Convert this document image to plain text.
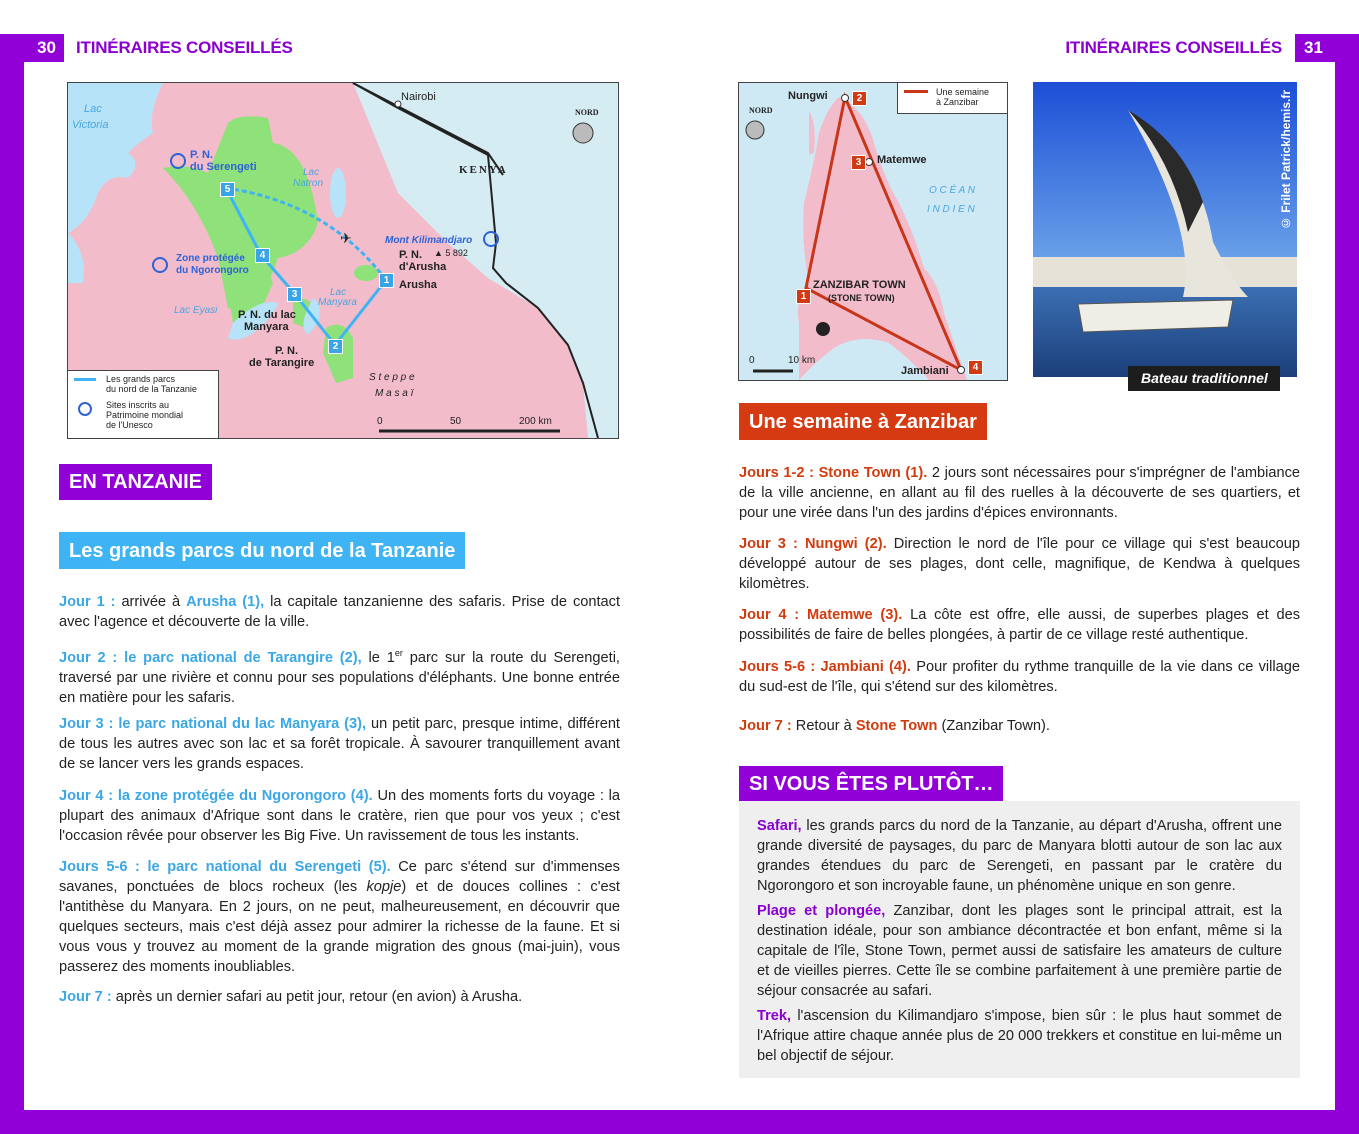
30	31
ITINÉRAIRES CONSEILLÉS	ITINÉRAIRES CONSEILLÉS
✈
Lac
Victoria
Nairobi
NORD
KENYA
P. N.
du Serengeti	Lac
Natron
Mont Kilimandjaro
P. N. ▲ 5 892
d'Arusha
Arusha
Zone protégée
du Ngorongoro
Lac
Manyara
Lac Eyasi P. N. du lac
Manyara
P. N.
de Tarangire
S t e p p e
M a s a ï
5
4
3
2
1
Les grands parcs
du nord de la Tanzanie
Sites inscrits au
Patrimoine mondial
de l'Unesco	0	50	200 km
Nungwi	2
Matemwe
3
NORD
O C É A N
I N D I E N
ZANZIBAR TOWN
(STONE TOWN)
1
Jambiani	4
0	10 km
Une semaine
à Zanzibar	© Frilet Patrick/hemis.fr
Bateau traditionnel
EN TANZANIE
Les grands parcs du nord de la Tanzanie
Jour 1 : arrivée à Arusha (1), la capitale tanzanienne des safaris. Prise de contact avec l'agence et découverte de la ville.
Jour 2 : le parc national de Tarangire (2), le 1er parc sur la route du Serengeti, traversé par une rivière et connu pour ses populations d'éléphants. Une bonne entrée en matière pour les safaris.
Jour 3 : le parc national du lac Manyara (3), un petit parc, presque intime, différent de tous les autres avec son lac et sa forêt tropicale. À savourer tranquillement avant de se lancer vers les grands espaces.
Jour 4 : la zone protégée du Ngorongoro (4). Un des moments forts du voyage : la plupart des animaux d'Afrique sont dans le cratère, rien que pour vos yeux ; c'est l'occasion rêvée pour observer les Big Five. Un ravissement de tous les instants.
Jours 5-6 : le parc national du Serengeti (5). Ce parc s'étend sur d'immenses savanes, ponctuées de blocs rocheux (les kopje) et de douces collines : c'est l'antithèse du Manyara. En 2 jours, on ne peut, malheureusement, en découvrir que quelques secteurs, mais c'est déjà assez pour admirer la richesse de la faune. Et si vous vous y trouvez au moment de la grande migration des gnous (mai-juin), vous passerez des moments inoubliables.
Jour 7 : après un dernier safari au petit jour, retour (en avion) à Arusha.
Une semaine à Zanzibar
Jours 1-2 : Stone Town (1). 2 jours sont nécessaires pour s'imprégner de l'ambiance de la ville ancienne, en allant au fil des ruelles à la découverte de ses quartiers, et pour une virée dans l'un des jardins d'épices environnants.
Jour 3 : Nungwi (2). Direction le nord de l'île pour ce village qui s'est beaucoup développé autour de ses plages, dont celle, magnifique, de Kendwa à quelques kilomètres.
Jour 4 : Matemwe (3). La côte est offre, elle aussi, de superbes plages et des possibilités de faire de belles plongées, à partir de ce village resté authentique.
Jours 5-6 : Jambiani (4). Pour profiter du rythme tranquille de la vie dans ce village du sud-est de l'île, qui s'étend sur des kilomètres.
Jour 7 : Retour à Stone Town (Zanzibar Town).
SI VOUS ÊTES PLUTÔT…
Safari, les grands parcs du nord de la Tanzanie, au départ d'Arusha, offrent une grande diversité de paysages, du parc de Manyara blotti autour de son lac aux grandes étendues du parc de Serengeti, en passant par le cratère du Ngorongoro et son incroyable faune, un phénomène unique en son genre.
Plage et plongée, Zanzibar, dont les plages sont le principal attrait, est la destination idéale, pour son ambiance décontractée et bon enfant, même si la capitale de l'île, Stone Town, permet aussi de satisfaire les amateurs de culture et de vieilles pierres. Cette île se combine parfaitement à une première partie de séjour consacrée au safari.
Trek, l'ascension du Kilimandjaro s'impose, bien sûr : le plus haut sommet de l'Afrique attire chaque année plus de 20 000 trekkers et constitue en lui-même un bel objectif de séjour.
